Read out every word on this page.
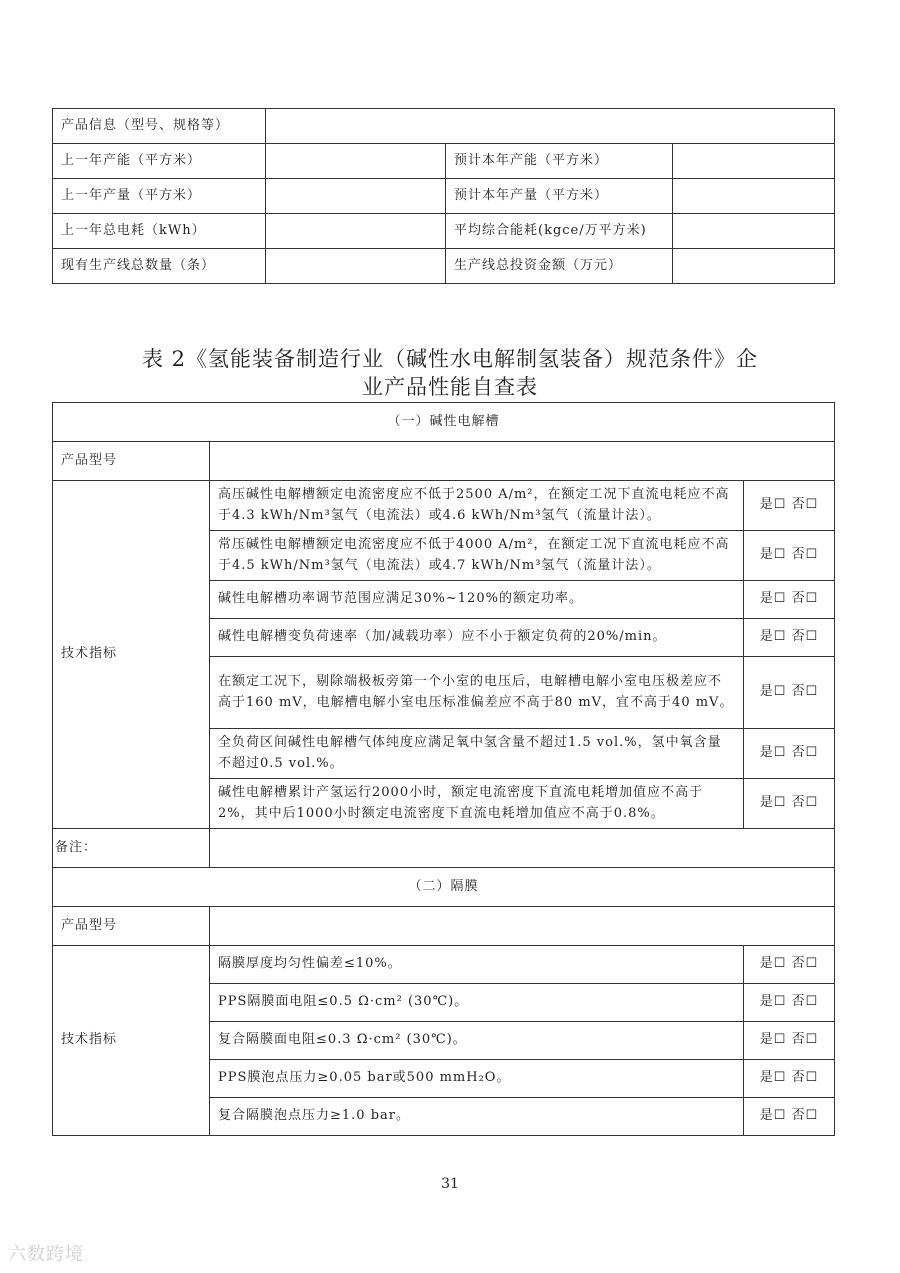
产品信息（型号、规格等）			
上一年产能（平方米）		预计本年产能（平方米）	
上一年产量（平方米）		预计本年产量（平方米）	
上一年总电耗（kWh）		平均综合能耗(kgce/万平方米)	
现有生产线总数量（条）		生产线总投资金额（万元）	
表 2《氢能装备制造行业（碱性水电解制氢装备）规范条件》企
业产品性能自查表
（一）碱性电解槽		
产品型号		
技术指标	高压碱性电解槽额定电流密度应不低于2500 A/m²，在额定工况下直流电耗应不高于4.3 kWh/Nm³氢气（电流法）或4.6 kWh/Nm³氢气（流量计法）。	是☐ 否☐
	常压碱性电解槽额定电流密度应不低于4000 A/m²，在额定工况下直流电耗应不高于4.5 kWh/Nm³氢气（电流法）或4.7 kWh/Nm³氢气（流量计法）。	是☐ 否☐
	碱性电解槽功率调节范围应满足30%~120%的额定功率。	是☐ 否☐
	碱性电解槽变负荷速率（加/减载功率）应不小于额定负荷的20%/min。	是☐ 否☐
	在额定工况下，剔除端极板旁第一个小室的电压后，电解槽电解小室电压极差应不高于160 mV，电解槽电解小室电压标准偏差应不高于80 mV，宜不高于40 mV。	是☐ 否☐
	全负荷区间碱性电解槽气体纯度应满足氧中氢含量不超过1.5 vol.%，氢中氧含量不超过0.5 vol.%。	是☐ 否☐
	碱性电解槽累计产氢运行2000小时，额定电流密度下直流电耗增加值应不高于2%，其中后1000小时额定电流密度下直流电耗增加值应不高于0.8%。	是☐ 否☐
备注：		
（二）隔膜		
产品型号		
技术指标	隔膜厚度均匀性偏差≤10%。	是☐ 否☐
	PPS隔膜面电阻≤0.5 Ω·cm² (30℃)。	是☐ 否☐
	复合隔膜面电阻≤0.3 Ω·cm² (30℃)。	是☐ 否☐
	PPS膜泡点压力≥0.05 bar或500 mmH₂O。	是☐ 否☐
	复合隔膜泡点压力≥1.0 bar。	是☐ 否☐
31
六数跨境
